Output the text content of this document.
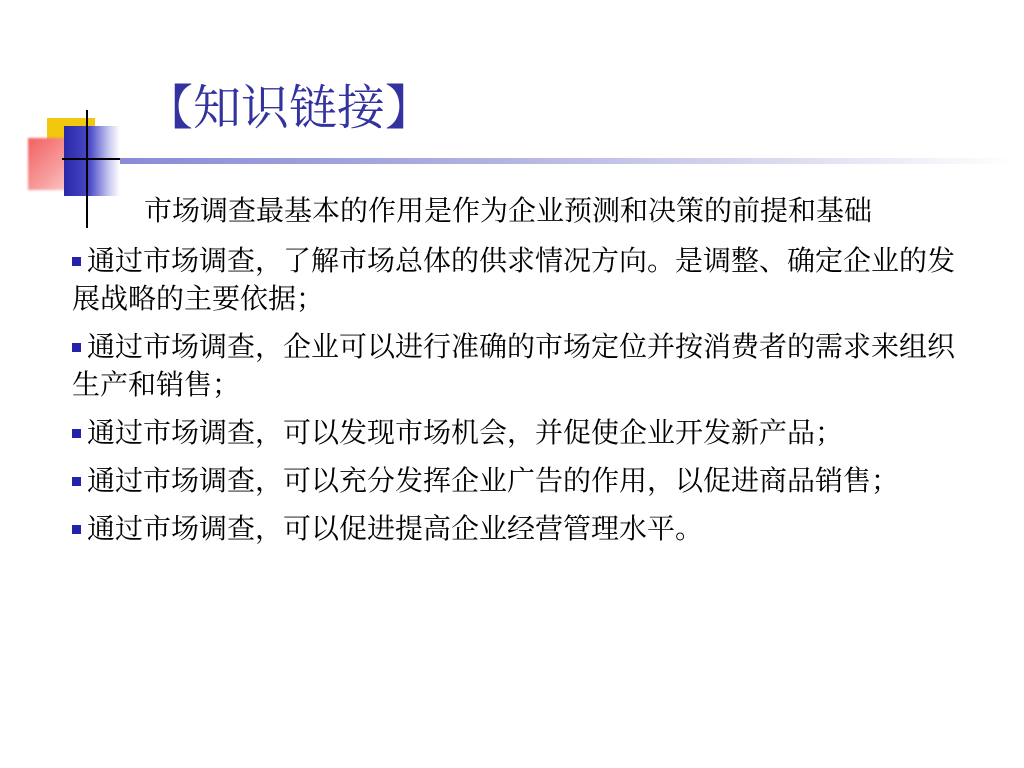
【知识链接】
市场调查最基本的作用是作为企业预测和决策的前提和基础
通过市场调查，了解市场总体的供求情况方向。是调整、确定企业的发展战略的主要依据；
通过市场调查，企业可以进行准确的市场定位并按消费者的需求来组织生产和销售；
通过市场调查，可以发现市场机会，并促使企业开发新产品；
通过市场调查，可以充分发挥企业广告的作用，以促进商品销售；
通过市场调查，可以促进提高企业经营管理水平。
